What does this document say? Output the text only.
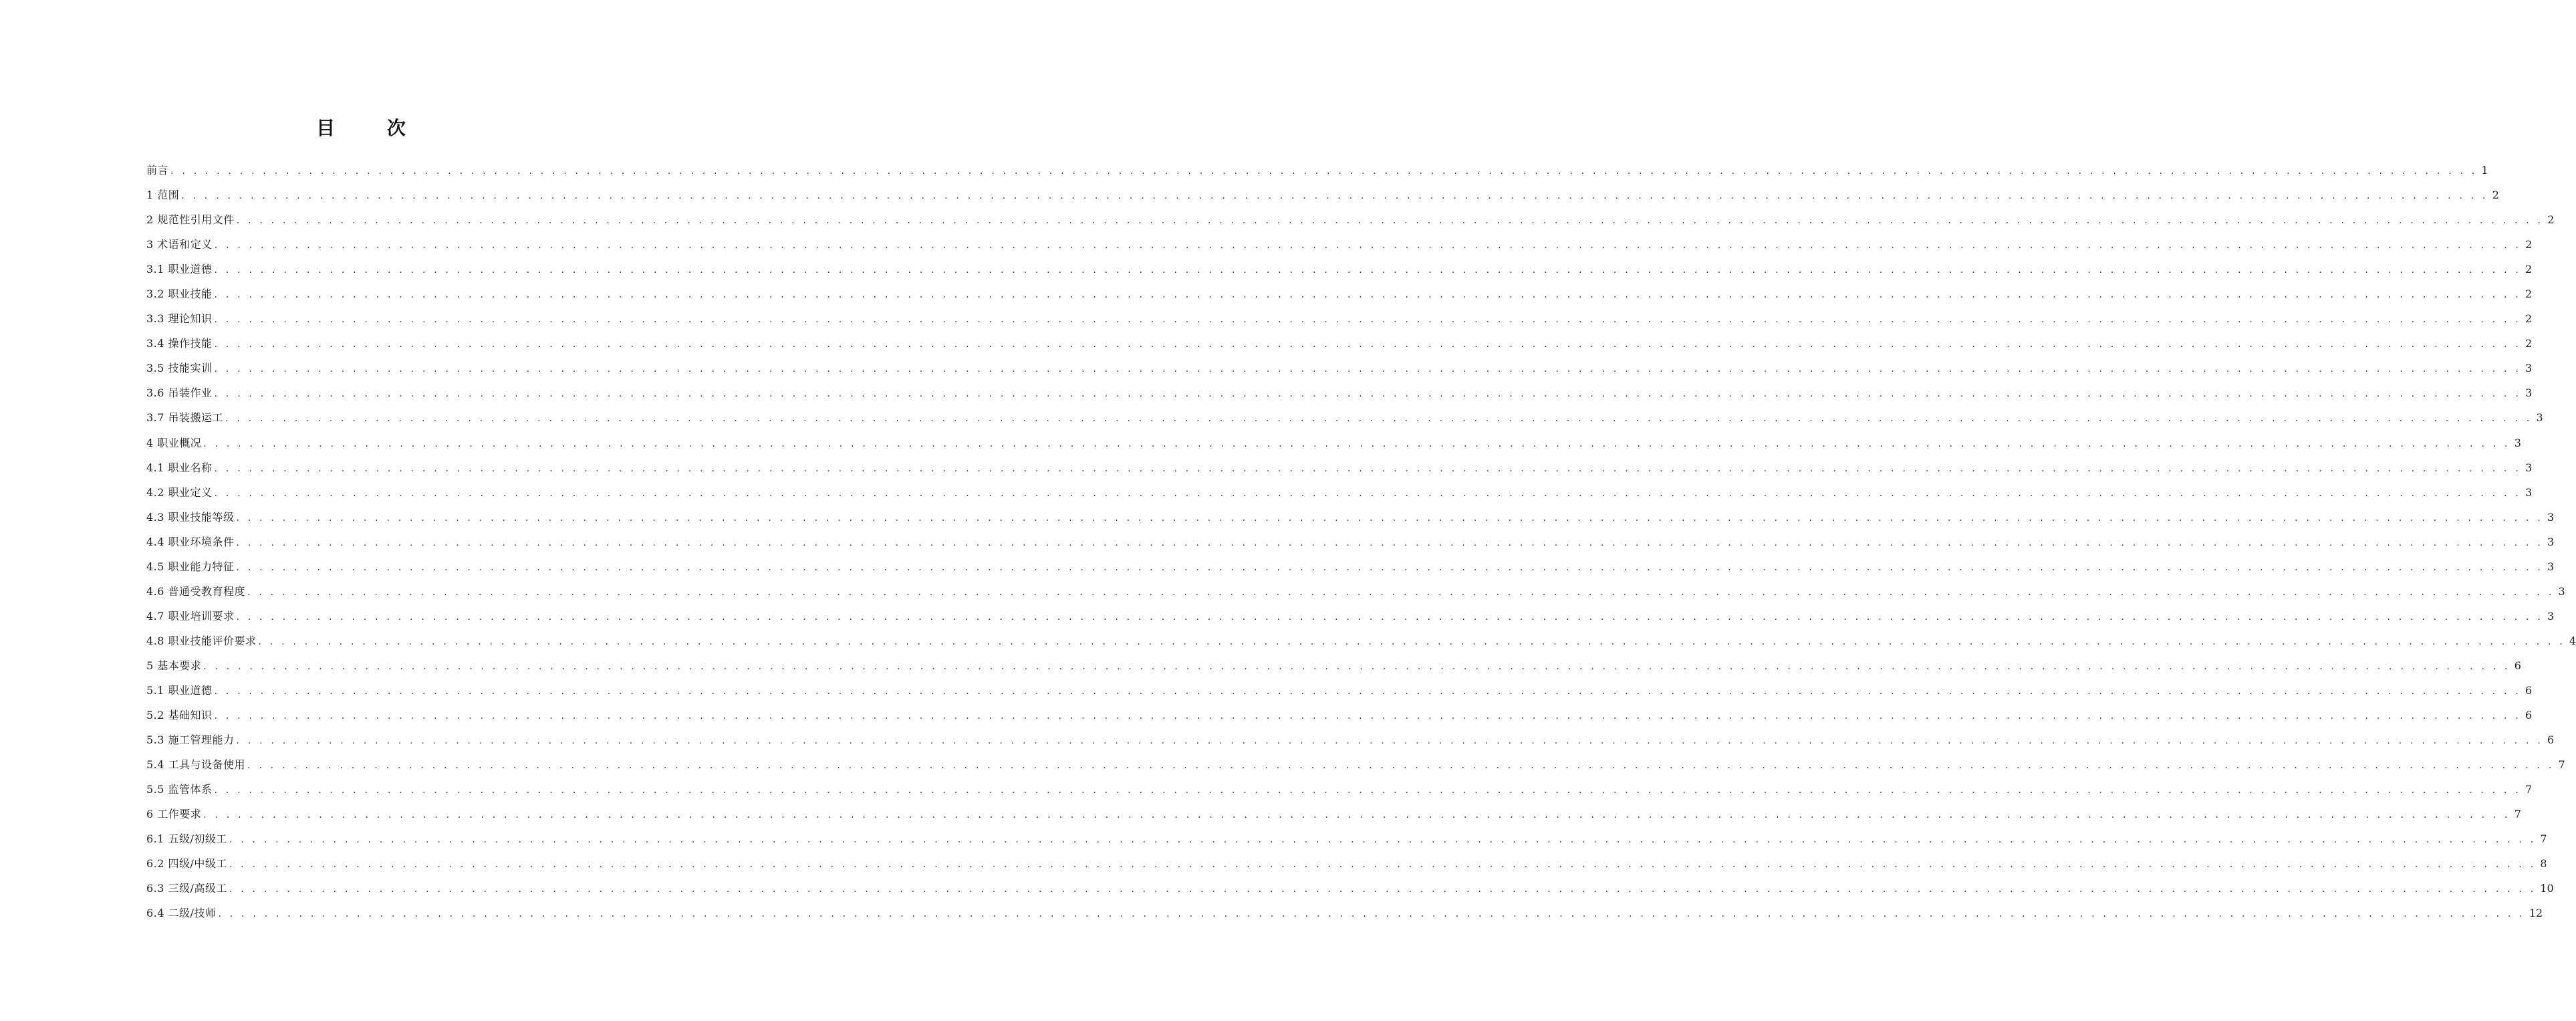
目 次
前言 . . . . . . . . . . . . . . . . . . . . . . . . . . . . . . . . . . . . . . . . . . . . . . . . . . . . . . . . . . . . . . . . . . . . . . . . . . . . . . . . . . . . . . . . . . . . . . . . . . . . . . . . . . . . . . . . . . . . . . . . . . . . . . . . . . . . . . . . . . . . . . . . . . . . . . . . . . . . . . . . . . . . . . . . . . . . . . . . . . . . . . . . . . . . . . . . . . . . . . . . 1
1 范围 . . . . . . . . . . . . . . . . . . . . . . . . . . . . . . . . . . . . . . . . . . . . . . . . . . . . . . . . . . . . . . . . . . . . . . . . . . . . . . . . . . . . . . . . . . . . . . . . . . . . . . . . . . . . . . . . . . . . . . . . . . . . . . . . . . . . . . . . . . . . . . . . . . . . . . . . . . . . . . . . . . . . . . . . . . . . . . . . . . . . . . . . . . . . . . . . . . . . . . . . 2
2 规范性引用文件 . . . . . . . . . . . . . . . . . . . . . . . . . . . . . . . . . . . . . . . . . . . . . . . . . . . . . . . . . . . . . . . . . . . . . . . . . . . . . . . . . . . . . . . . . . . . . . . . . . . . . . . . . . . . . . . . . . . . . . . . . . . . . . . . . . . . . . . . . . . . . . . . . . . . . . . . . . . . . . . . . . . . . . . . . . . . . . . . . . . . . . . . . . . . . . . . . . . . . . . . 2
3 术语和定义 . . . . . . . . . . . . . . . . . . . . . . . . . . . . . . . . . . . . . . . . . . . . . . . . . . . . . . . . . . . . . . . . . . . . . . . . . . . . . . . . . . . . . . . . . . . . . . . . . . . . . . . . . . . . . . . . . . . . . . . . . . . . . . . . . . . . . . . . . . . . . . . . . . . . . . . . . . . . . . . . . . . . . . . . . . . . . . . . . . . . . . . . . . . . . . . . . . . . . . . . 2
3.1 职业道德 . . . . . . . . . . . . . . . . . . . . . . . . . . . . . . . . . . . . . . . . . . . . . . . . . . . . . . . . . . . . . . . . . . . . . . . . . . . . . . . . . . . . . . . . . . . . . . . . . . . . . . . . . . . . . . . . . . . . . . . . . . . . . . . . . . . . . . . . . . . . . . . . . . . . . . . . . . . . . . . . . . . . . . . . . . . . . . . . . . . . . . . . . . . . . . . . . . . . . . . . 2
3.2 职业技能 . . . . . . . . . . . . . . . . . . . . . . . . . . . . . . . . . . . . . . . . . . . . . . . . . . . . . . . . . . . . . . . . . . . . . . . . . . . . . . . . . . . . . . . . . . . . . . . . . . . . . . . . . . . . . . . . . . . . . . . . . . . . . . . . . . . . . . . . . . . . . . . . . . . . . . . . . . . . . . . . . . . . . . . . . . . . . . . . . . . . . . . . . . . . . . . . . . . . . . . . 2
3.3 理论知识 . . . . . . . . . . . . . . . . . . . . . . . . . . . . . . . . . . . . . . . . . . . . . . . . . . . . . . . . . . . . . . . . . . . . . . . . . . . . . . . . . . . . . . . . . . . . . . . . . . . . . . . . . . . . . . . . . . . . . . . . . . . . . . . . . . . . . . . . . . . . . . . . . . . . . . . . . . . . . . . . . . . . . . . . . . . . . . . . . . . . . . . . . . . . . . . . . . . . . . . . 2
3.4 操作技能 . . . . . . . . . . . . . . . . . . . . . . . . . . . . . . . . . . . . . . . . . . . . . . . . . . . . . . . . . . . . . . . . . . . . . . . . . . . . . . . . . . . . . . . . . . . . . . . . . . . . . . . . . . . . . . . . . . . . . . . . . . . . . . . . . . . . . . . . . . . . . . . . . . . . . . . . . . . . . . . . . . . . . . . . . . . . . . . . . . . . . . . . . . . . . . . . . . . . . . . . 2
3.5 技能实训 . . . . . . . . . . . . . . . . . . . . . . . . . . . . . . . . . . . . . . . . . . . . . . . . . . . . . . . . . . . . . . . . . . . . . . . . . . . . . . . . . . . . . . . . . . . . . . . . . . . . . . . . . . . . . . . . . . . . . . . . . . . . . . . . . . . . . . . . . . . . . . . . . . . . . . . . . . . . . . . . . . . . . . . . . . . . . . . . . . . . . . . . . . . . . . . . . . . . . . . . 3
3.6 吊装作业 . . . . . . . . . . . . . . . . . . . . . . . . . . . . . . . . . . . . . . . . . . . . . . . . . . . . . . . . . . . . . . . . . . . . . . . . . . . . . . . . . . . . . . . . . . . . . . . . . . . . . . . . . . . . . . . . . . . . . . . . . . . . . . . . . . . . . . . . . . . . . . . . . . . . . . . . . . . . . . . . . . . . . . . . . . . . . . . . . . . . . . . . . . . . . . . . . . . . . . . . 3
3.7 吊装搬运工 . . . . . . . . . . . . . . . . . . . . . . . . . . . . . . . . . . . . . . . . . . . . . . . . . . . . . . . . . . . . . . . . . . . . . . . . . . . . . . . . . . . . . . . . . . . . . . . . . . . . . . . . . . . . . . . . . . . . . . . . . . . . . . . . . . . . . . . . . . . . . . . . . . . . . . . . . . . . . . . . . . . . . . . . . . . . . . . . . . . . . . . . . . . . . . . . . . . . . . . . 3
4 职业概况 . . . . . . . . . . . . . . . . . . . . . . . . . . . . . . . . . . . . . . . . . . . . . . . . . . . . . . . . . . . . . . . . . . . . . . . . . . . . . . . . . . . . . . . . . . . . . . . . . . . . . . . . . . . . . . . . . . . . . . . . . . . . . . . . . . . . . . . . . . . . . . . . . . . . . . . . . . . . . . . . . . . . . . . . . . . . . . . . . . . . . . . . . . . . . . . . . . . . . . . . 3
4.1 职业名称 . . . . . . . . . . . . . . . . . . . . . . . . . . . . . . . . . . . . . . . . . . . . . . . . . . . . . . . . . . . . . . . . . . . . . . . . . . . . . . . . . . . . . . . . . . . . . . . . . . . . . . . . . . . . . . . . . . . . . . . . . . . . . . . . . . . . . . . . . . . . . . . . . . . . . . . . . . . . . . . . . . . . . . . . . . . . . . . . . . . . . . . . . . . . . . . . . . . . . . . . 3
4.2 职业定义 . . . . . . . . . . . . . . . . . . . . . . . . . . . . . . . . . . . . . . . . . . . . . . . . . . . . . . . . . . . . . . . . . . . . . . . . . . . . . . . . . . . . . . . . . . . . . . . . . . . . . . . . . . . . . . . . . . . . . . . . . . . . . . . . . . . . . . . . . . . . . . . . . . . . . . . . . . . . . . . . . . . . . . . . . . . . . . . . . . . . . . . . . . . . . . . . . . . . . . . . 3
4.3 职业技能等级 . . . . . . . . . . . . . . . . . . . . . . . . . . . . . . . . . . . . . . . . . . . . . . . . . . . . . . . . . . . . . . . . . . . . . . . . . . . . . . . . . . . . . . . . . . . . . . . . . . . . . . . . . . . . . . . . . . . . . . . . . . . . . . . . . . . . . . . . . . . . . . . . . . . . . . . . . . . . . . . . . . . . . . . . . . . . . . . . . . . . . . . . . . . . . . . . . . . . . . . . 3
4.4 职业环境条件 . . . . . . . . . . . . . . . . . . . . . . . . . . . . . . . . . . . . . . . . . . . . . . . . . . . . . . . . . . . . . . . . . . . . . . . . . . . . . . . . . . . . . . . . . . . . . . . . . . . . . . . . . . . . . . . . . . . . . . . . . . . . . . . . . . . . . . . . . . . . . . . . . . . . . . . . . . . . . . . . . . . . . . . . . . . . . . . . . . . . . . . . . . . . . . . . . . . . . . . . 3
4.5 职业能力特征 . . . . . . . . . . . . . . . . . . . . . . . . . . . . . . . . . . . . . . . . . . . . . . . . . . . . . . . . . . . . . . . . . . . . . . . . . . . . . . . . . . . . . . . . . . . . . . . . . . . . . . . . . . . . . . . . . . . . . . . . . . . . . . . . . . . . . . . . . . . . . . . . . . . . . . . . . . . . . . . . . . . . . . . . . . . . . . . . . . . . . . . . . . . . . . . . . . . . . . . . 3
4.6 普通受教育程度 . . . . . . . . . . . . . . . . . . . . . . . . . . . . . . . . . . . . . . . . . . . . . . . . . . . . . . . . . . . . . . . . . . . . . . . . . . . . . . . . . . . . . . . . . . . . . . . . . . . . . . . . . . . . . . . . . . . . . . . . . . . . . . . . . . . . . . . . . . . . . . . . . . . . . . . . . . . . . . . . . . . . . . . . . . . . . . . . . . . . . . . . . . . . . . . . . . . . . . . . 3
4.7 职业培训要求 . . . . . . . . . . . . . . . . . . . . . . . . . . . . . . . . . . . . . . . . . . . . . . . . . . . . . . . . . . . . . . . . . . . . . . . . . . . . . . . . . . . . . . . . . . . . . . . . . . . . . . . . . . . . . . . . . . . . . . . . . . . . . . . . . . . . . . . . . . . . . . . . . . . . . . . . . . . . . . . . . . . . . . . . . . . . . . . . . . . . . . . . . . . . . . . . . . . . . . . . 3
4.8 职业技能评价要求 . . . . . . . . . . . . . . . . . . . . . . . . . . . . . . . . . . . . . . . . . . . . . . . . . . . . . . . . . . . . . . . . . . . . . . . . . . . . . . . . . . . . . . . . . . . . . . . . . . . . . . . . . . . . . . . . . . . . . . . . . . . . . . . . . . . . . . . . . . . . . . . . . . . . . . . . . . . . . . . . . . . . . . . . . . . . . . . . . . . . . . . . . . . . . . . . . . . . . . . . 4
5 基本要求 . . . . . . . . . . . . . . . . . . . . . . . . . . . . . . . . . . . . . . . . . . . . . . . . . . . . . . . . . . . . . . . . . . . . . . . . . . . . . . . . . . . . . . . . . . . . . . . . . . . . . . . . . . . . . . . . . . . . . . . . . . . . . . . . . . . . . . . . . . . . . . . . . . . . . . . . . . . . . . . . . . . . . . . . . . . . . . . . . . . . . . . . . . . . . . . . . . . . . . . . 6
5.1 职业道德 . . . . . . . . . . . . . . . . . . . . . . . . . . . . . . . . . . . . . . . . . . . . . . . . . . . . . . . . . . . . . . . . . . . . . . . . . . . . . . . . . . . . . . . . . . . . . . . . . . . . . . . . . . . . . . . . . . . . . . . . . . . . . . . . . . . . . . . . . . . . . . . . . . . . . . . . . . . . . . . . . . . . . . . . . . . . . . . . . . . . . . . . . . . . . . . . . . . . . . . . 6
5.2 基础知识 . . . . . . . . . . . . . . . . . . . . . . . . . . . . . . . . . . . . . . . . . . . . . . . . . . . . . . . . . . . . . . . . . . . . . . . . . . . . . . . . . . . . . . . . . . . . . . . . . . . . . . . . . . . . . . . . . . . . . . . . . . . . . . . . . . . . . . . . . . . . . . . . . . . . . . . . . . . . . . . . . . . . . . . . . . . . . . . . . . . . . . . . . . . . . . . . . . . . . . . . 6
5.3 施工管理能力 . . . . . . . . . . . . . . . . . . . . . . . . . . . . . . . . . . . . . . . . . . . . . . . . . . . . . . . . . . . . . . . . . . . . . . . . . . . . . . . . . . . . . . . . . . . . . . . . . . . . . . . . . . . . . . . . . . . . . . . . . . . . . . . . . . . . . . . . . . . . . . . . . . . . . . . . . . . . . . . . . . . . . . . . . . . . . . . . . . . . . . . . . . . . . . . . . . . . . . . . 6
5.4 工具与设备使用 . . . . . . . . . . . . . . . . . . . . . . . . . . . . . . . . . . . . . . . . . . . . . . . . . . . . . . . . . . . . . . . . . . . . . . . . . . . . . . . . . . . . . . . . . . . . . . . . . . . . . . . . . . . . . . . . . . . . . . . . . . . . . . . . . . . . . . . . . . . . . . . . . . . . . . . . . . . . . . . . . . . . . . . . . . . . . . . . . . . . . . . . . . . . . . . . . . . . . . . . 7
5.5 监管体系 . . . . . . . . . . . . . . . . . . . . . . . . . . . . . . . . . . . . . . . . . . . . . . . . . . . . . . . . . . . . . . . . . . . . . . . . . . . . . . . . . . . . . . . . . . . . . . . . . . . . . . . . . . . . . . . . . . . . . . . . . . . . . . . . . . . . . . . . . . . . . . . . . . . . . . . . . . . . . . . . . . . . . . . . . . . . . . . . . . . . . . . . . . . . . . . . . . . . . . . . 7
6 工作要求 . . . . . . . . . . . . . . . . . . . . . . . . . . . . . . . . . . . . . . . . . . . . . . . . . . . . . . . . . . . . . . . . . . . . . . . . . . . . . . . . . . . . . . . . . . . . . . . . . . . . . . . . . . . . . . . . . . . . . . . . . . . . . . . . . . . . . . . . . . . . . . . . . . . . . . . . . . . . . . . . . . . . . . . . . . . . . . . . . . . . . . . . . . . . . . . . . . . . . . . . 7
6.1 五级/初级工 . . . . . . . . . . . . . . . . . . . . . . . . . . . . . . . . . . . . . . . . . . . . . . . . . . . . . . . . . . . . . . . . . . . . . . . . . . . . . . . . . . . . . . . . . . . . . . . . . . . . . . . . . . . . . . . . . . . . . . . . . . . . . . . . . . . . . . . . . . . . . . . . . . . . . . . . . . . . . . . . . . . . . . . . . . . . . . . . . . . . . . . . . . . . . . . . . . . . . . . . 7
6.2 四级/中级工 . . . . . . . . . . . . . . . . . . . . . . . . . . . . . . . . . . . . . . . . . . . . . . . . . . . . . . . . . . . . . . . . . . . . . . . . . . . . . . . . . . . . . . . . . . . . . . . . . . . . . . . . . . . . . . . . . . . . . . . . . . . . . . . . . . . . . . . . . . . . . . . . . . . . . . . . . . . . . . . . . . . . . . . . . . . . . . . . . . . . . . . . . . . . . . . . . . . . . . . . 8
6.3 三级/高级工 . . . . . . . . . . . . . . . . . . . . . . . . . . . . . . . . . . . . . . . . . . . . . . . . . . . . . . . . . . . . . . . . . . . . . . . . . . . . . . . . . . . . . . . . . . . . . . . . . . . . . . . . . . . . . . . . . . . . . . . . . . . . . . . . . . . . . . . . . . . . . . . . . . . . . . . . . . . . . . . . . . . . . . . . . . . . . . . . . . . . . . . . . . . . . . . . . . . . . . . . 10
6.4 二级/技师 . . . . . . . . . . . . . . . . . . . . . . . . . . . . . . . . . . . . . . . . . . . . . . . . . . . . . . . . . . . . . . . . . . . . . . . . . . . . . . . . . . . . . . . . . . . . . . . . . . . . . . . . . . . . . . . . . . . . . . . . . . . . . . . . . . . . . . . . . . . . . . . . . . . . . . . . . . . . . . . . . . . . . . . . . . . . . . . . . . . . . . . . . . . . . . . . . . . . . . . . 12
